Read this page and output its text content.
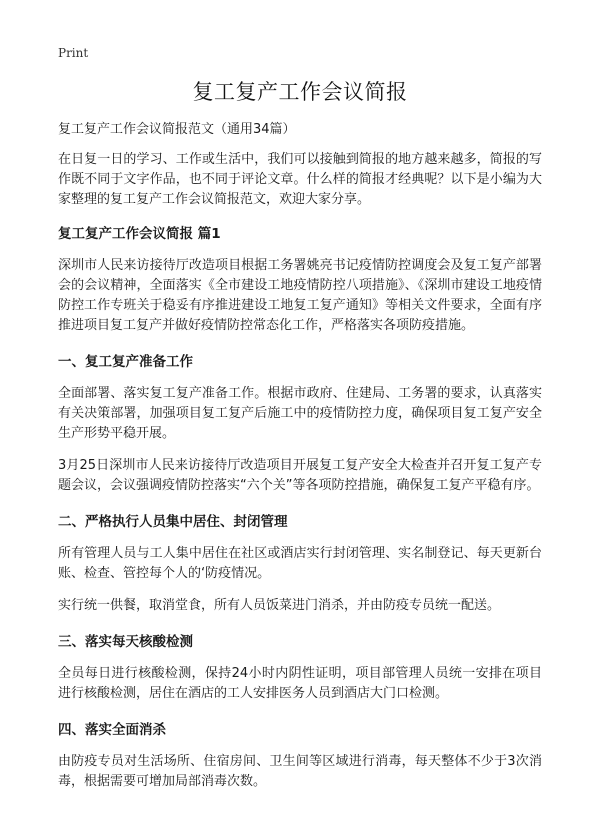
Print
复工复产工作会议简报

复工复产工作会议简报范文（通用34篇）

在日复一日的学习、工作或生活中，我们可以接触到简报的地方越来越多，简报的写作既不同于文字作品，也不同于评论文章。什么样的简报才经典呢？以下是小编为大家整理的复工复产工作会议简报范文，欢迎大家分享。

复工复产工作会议简报 篇1

深圳市人民来访接待厅改造项目根据工务署姚亮书记疫情防控调度会及复工复产部署会的会议精神，全面落实《全市建设工地疫情防控八项措施》、《深圳市建设工地疫情防控工作专班关于稳妥有序推进建设工地复工复产通知》等相关文件要求，全面有序推进项目复工复产并做好疫情防控常态化工作，严格落实各项防疫措施。

一、复工复产准备工作

全面部署、落实复工复产准备工作。根据市政府、住建局、工务署的要求，认真落实有关决策部署，加强项目复工复产后施工中的疫情防控力度，确保项目复工复产安全生产形势平稳开展。

3月25日深圳市人民来访接待厅改造项目开展复工复产安全大检查并召开复工复产专题会议，会议强调疫情防控落实“六个关”等各项防控措施，确保复工复产平稳有序。

二、严格执行人员集中居住、封闭管理

所有管理人员与工人集中居住在社区或酒店实行封闭管理、实名制登记、每天更新台账、检查、管控每个人的‘防疫情况。

实行统一供餐，取消堂食，所有人员饭菜进门消杀，并由防疫专员统一配送。

三、落实每天核酸检测

全员每日进行核酸检测，保持24小时内阴性证明，项目部管理人员统一安排在项目进行核酸检测，居住在酒店的工人安排医务人员到酒店大门口检测。

四、落实全面消杀

由防疫专员对生活场所、住宿房间、卫生间等区域进行消毒，每天整体不少于3次消毒，根据需要可增加局部消毒次数。
